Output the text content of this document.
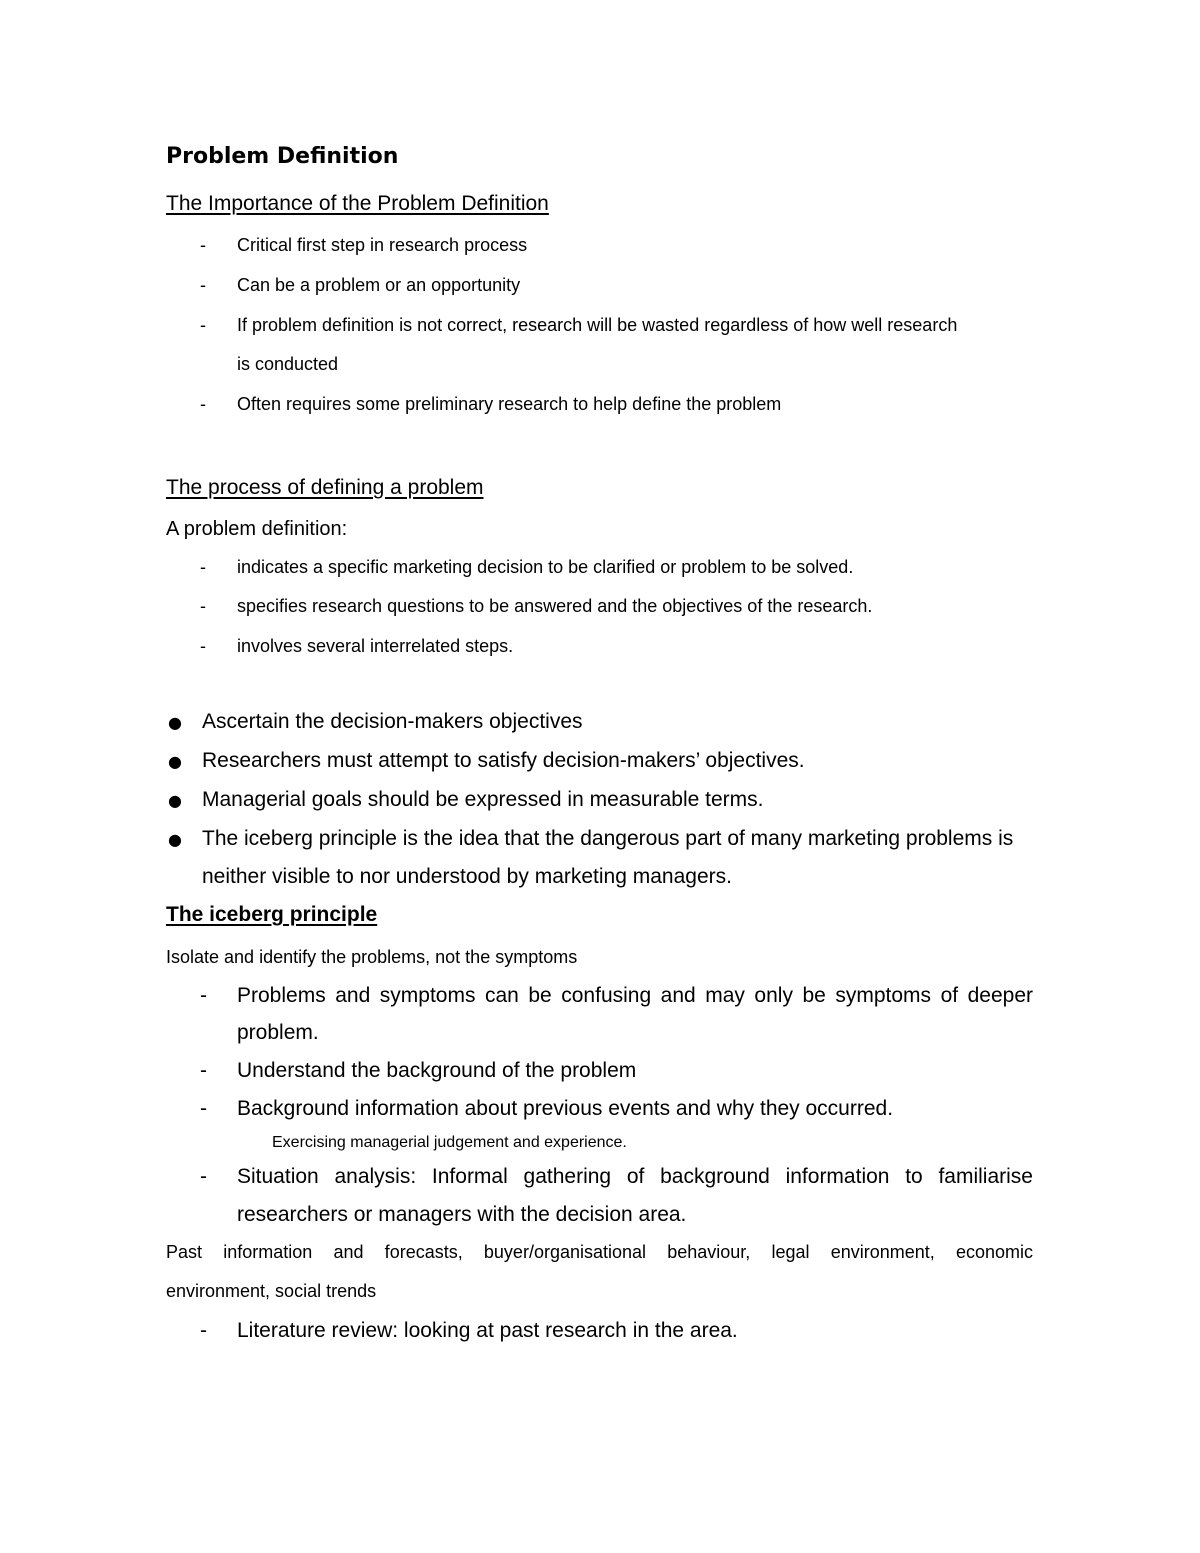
Problem Definition
The Importance of the Problem Definition
- Critical first step in research process
- Can be a problem or an opportunity
- If problem definition is not correct, research will be wasted regardless of how well research
is conducted
- Often requires some preliminary research to help define the problem
The process of defining a problem
A problem definition:
- indicates a specific marketing decision to be clarified or problem to be solved.
- specifies research questions to be answered and the objectives of the research.
- involves several interrelated steps.
● Ascertain the decision-makers objectives
● Researchers must attempt to satisfy decision-makers’ objectives.
● Managerial goals should be expressed in measurable terms.
● The iceberg principle is the idea that the dangerous part of many marketing problems is
neither visible to nor understood by marketing managers.
The iceberg principle
Isolate and identify the problems, not the symptoms
- Problems and symptoms can be confusing and may only be symptoms of deeper
problem.
- Understand the background of the problem
- Background information about previous events and why they occurred.
Exercising managerial judgement and experience.
- Situation analysis: Informal gathering of background information to familiarise
researchers or managers with the decision area.
Past information and forecasts, buyer/organisational behaviour, legal environment, economic
environment, social trends
- Literature review: looking at past research in the area.
